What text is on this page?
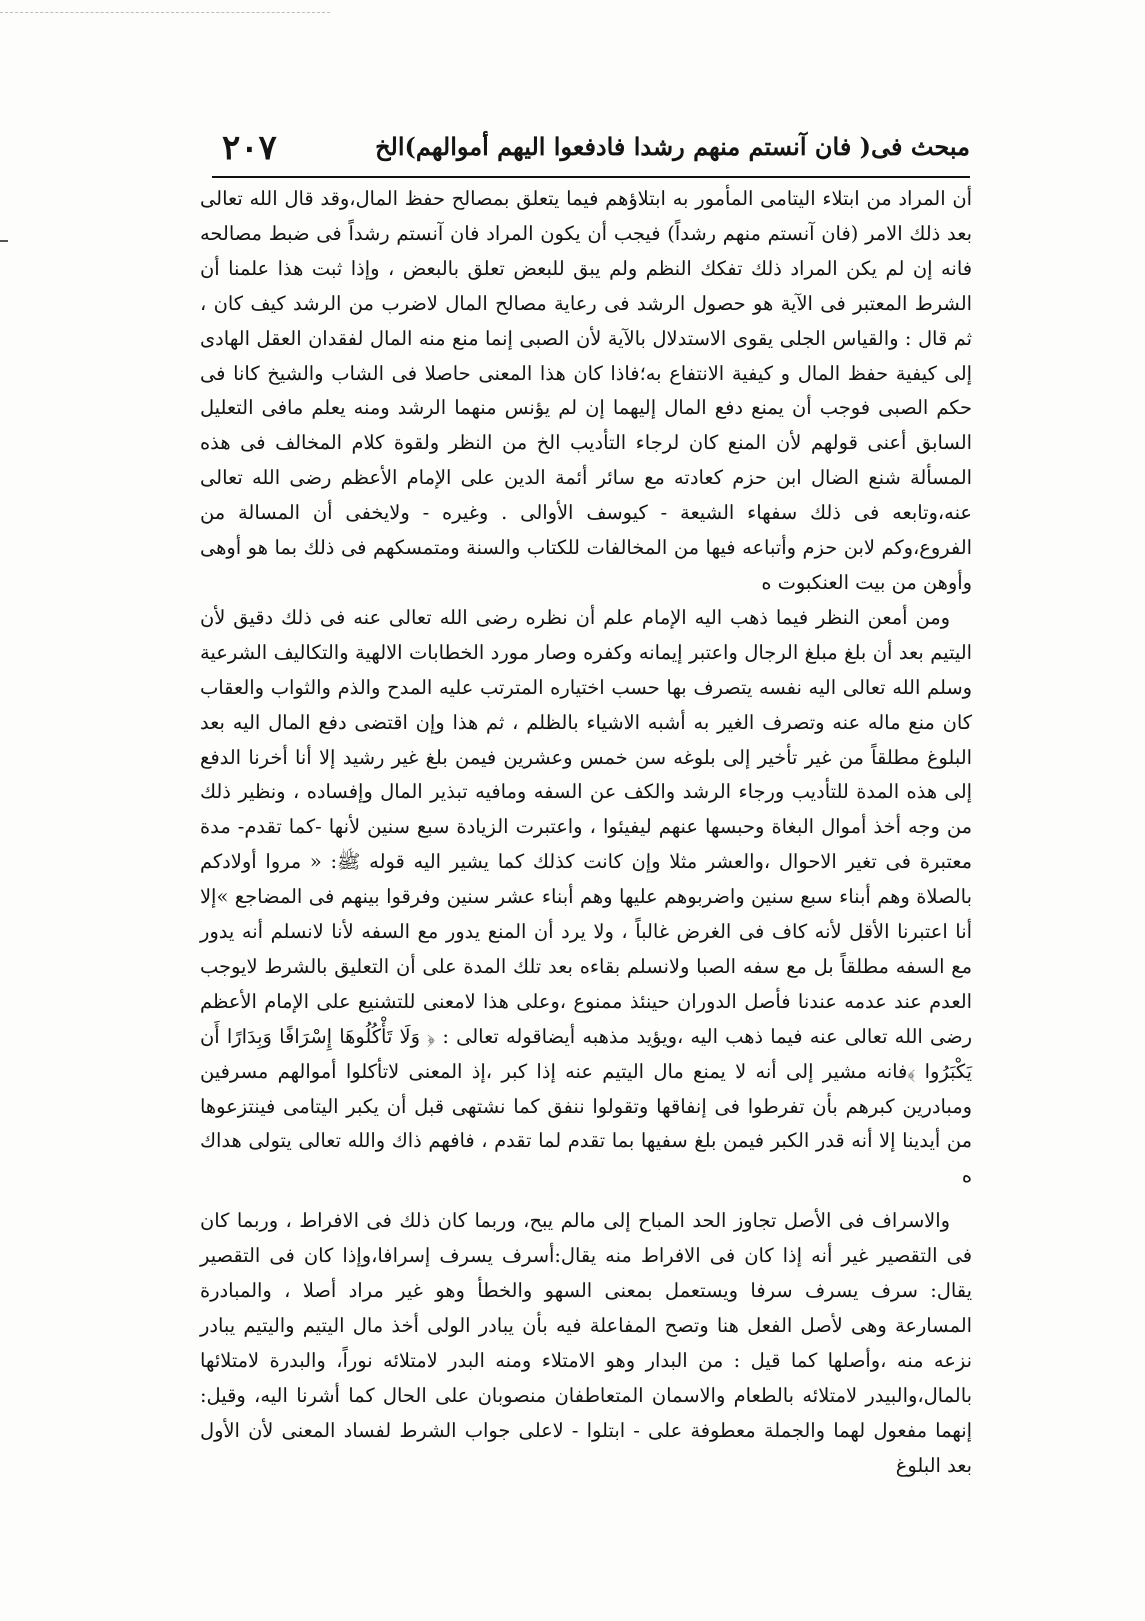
مبحث فى( فان آنستم منهم رشدا فادفعوا اليهم أموالهم)الخ
۲۰۷

أن المراد من ابتلاء اليتامى المأمور به ابتلاؤهم فيما يتعلق بمصالح حفظ المال،وقد قال الله تعالى بعد ذلك الامر (فان آنستم منهم رشداً) فيجب أن يكون المراد فان آنستم رشداً فى ضبط مصالحه فانه إن لم يكن المراد ذلك تفكك النظم ولم يبق للبعض تعلق بالبعض ، وإذا ثبت هذا علمنا أن الشرط المعتبر فى الآية هو حصول الرشد فى رعاية مصالح المال لاضرب من الرشد كيف كان ، ثم قال : والقياس الجلى يقوى الاستدلال بالآية لأن الصبى إنما منع منه المال لفقدان العقل الهادى إلى كيفية حفظ المال و كيفية الانتفاع به؛فاذا كان هذا المعنى حاصلا فى الشاب والشيخ كانا فى حكم الصبى فوجب أن يمنع دفع المال إليهما إن لم يؤنس منهما الرشد ومنه يعلم مافى التعليل السابق أعنى قولهم لأن المنع كان لرجاء التأديب الخ من النظر ولقوة كلام المخالف فى هذه المسألة شنع الضال ابن حزم كعادته مع سائر أئمة الدين على الإمام الأعظم رضى الله تعالى عنه،وتابعه فى ذلك سفهاء الشيعة - كيوسف الأوالى . وغيره - ولايخفى أن المسالة من الفروع،وكم لابن حزم وأتباعه فيها من المخالفات للكتاب والسنة ومتمسكهم فى ذلك بما هو أوهى وأوهن من بيت العنكبوت ه

ومن أمعن النظر فيما ذهب اليه الإمام علم أن نظره رضى الله تعالى عنه فى ذلك دقيق لأن اليتيم بعد أن بلغ مبلغ الرجال واعتبر إيمانه وكفره وصار مورد الخطابات الالهية والتكاليف الشرعية وسلم الله تعالى اليه نفسه يتصرف بها حسب اختياره المترتب عليه المدح والذم والثواب والعقاب كان منع ماله عنه وتصرف الغير به أشبه الاشياء بالظلم ، ثم هذا وإن اقتضى دفع المال اليه بعد البلوغ مطلقاً من غير تأخير إلى بلوغه سن خمس وعشرين فيمن بلغ غير رشيد إلا أنا أخرنا الدفع إلى هذه المدة للتأديب ورجاء الرشد والكف عن السفه ومافيه تبذير المال وإفساده ، ونظير ذلك من وجه أخذ أموال البغاة وحبسها عنهم ليفيئوا ، واعتبرت الزيادة سبع سنين لأنها -كما تقدم- مدة معتبرة فى تغير الاحوال ،والعشر مثلا وإن كانت كذلك كما يشير اليه قوله ﷺ: « مروا أولادكم بالصلاة وهم أبناء سبع سنين واضربوهم عليها وهم أبناء عشر سنين وفرقوا بينهم فى المضاجع »إلا أنا اعتبرنا الأقل لأنه كاف فى الغرض غالباً ، ولا يرد أن المنع يدور مع السفه لأنا لانسلم أنه يدور مع السفه مطلقاً بل مع سفه الصبا ولانسلم بقاءه بعد تلك المدة على أن التعليق بالشرط لايوجب العدم عند عدمه عندنا فأصل الدوران حينئذ ممنوع ،وعلى هذا لامعنى للتشنيع على الإمام الأعظم رضى الله تعالى عنه فيما ذهب اليه ،ويؤيد مذهبه أيضاقوله تعالى : ﴿ وَلَا تَأْكُلُوهَا إِسْرَافًا وَبِدَارًا أَن يَكْبَرُوا ﴾فانه مشير إلى أنه لا يمنع مال اليتيم عنه إذا كبر ،إذ المعنى لاتأكلوا أموالهم مسرفين ومبادرين كبرهم بأن تفرطوا فى إنفاقها وتقولوا ننفق كما نشتهى قبل أن يكبر اليتامى فينتزعوها من أيدينا إلا أنه قدر الكبر فيمن بلغ سفيها بما تقدم لما تقدم ، فافهم ذاك والله تعالى يتولى هداك ه

والاسراف فى الأصل تجاوز الحد المباح إلى مالم يبح، وربما كان ذلك فى الافراط ، وربما كان فى التقصير غير أنه إذا كان فى الافراط منه يقال:أسرف يسرف إسرافا،وإذا كان فى التقصير يقال: سرف يسرف سرفا ويستعمل بمعنى السهو والخطأ وهو غير مراد أصلا ، والمبادرة المسارعة وهى لأصل الفعل هنا وتصح المفاعلة فيه بأن يبادر الولى أخذ مال اليتيم واليتيم يبادر نزعه منه ،وأصلها كما قيل : من البدار وهو الامتلاء ومنه البدر لامتلائه نوراً، والبدرة لامتلائها بالمال،والبيدر لامتلائه بالطعام والاسمان المتعاطفان منصوبان على الحال كما أشرنا اليه، وقيل: إنهما مفعول لهما والجملة معطوفة على - ابتلوا - لاعلى جواب الشرط لفساد المعنى لأن الأول بعد البلوغ
